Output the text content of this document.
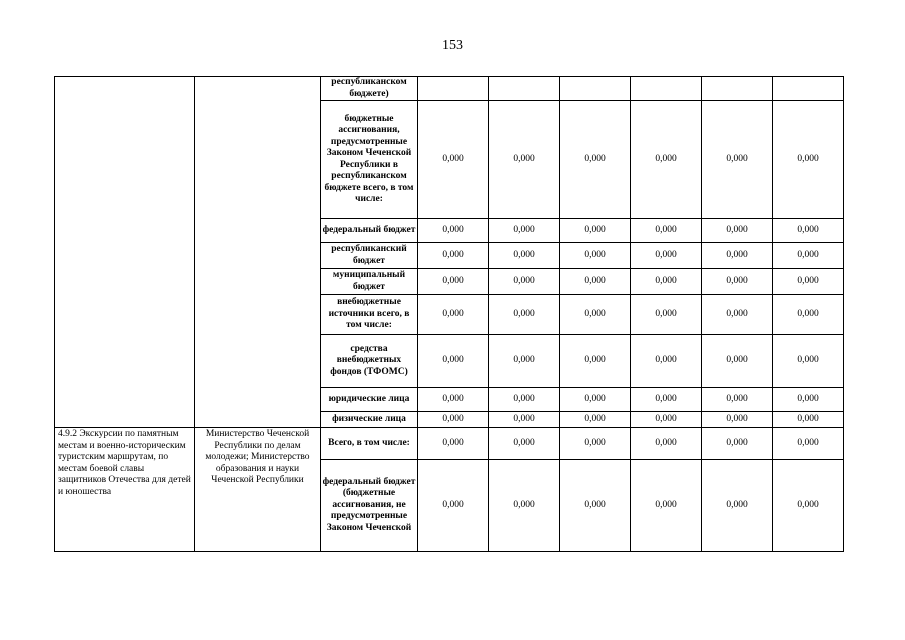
153
		республиканском бюджете)						
		бюджетные ассигнования, предусмотренные Законом Чеченской Республики в республиканском бюджете всего, в том числе:	0,000	0,000	0,000	0,000	0,000	0,000
		федеральный бюджет	0,000	0,000	0,000	0,000	0,000	0,000
		республиканский бюджет	0,000	0,000	0,000	0,000	0,000	0,000
		муниципальный бюджет	0,000	0,000	0,000	0,000	0,000	0,000
		внебюджетные источники всего, в том числе:	0,000	0,000	0,000	0,000	0,000	0,000
		средства внебюджетных фондов (ТФОМС)	0,000	0,000	0,000	0,000	0,000	0,000
		юридические лица	0,000	0,000	0,000	0,000	0,000	0,000
		физические лица	0,000	0,000	0,000	0,000	0,000	0,000
4.9.2 Экскурсии по памятным местам и военно-историческим туристским маршрутам, по местам боевой славы защитников Отечества для детей и юношества	Министерство Чеченской Республики по делам молодежи; Министерство образования и науки Чеченской Республики	Всего, в том числе:	0,000	0,000	0,000	0,000	0,000	0,000
		федеральный бюджет (бюджетные ассигнования, не предусмотренные Законом Чеченской	0,000	0,000	0,000	0,000	0,000	0,000
